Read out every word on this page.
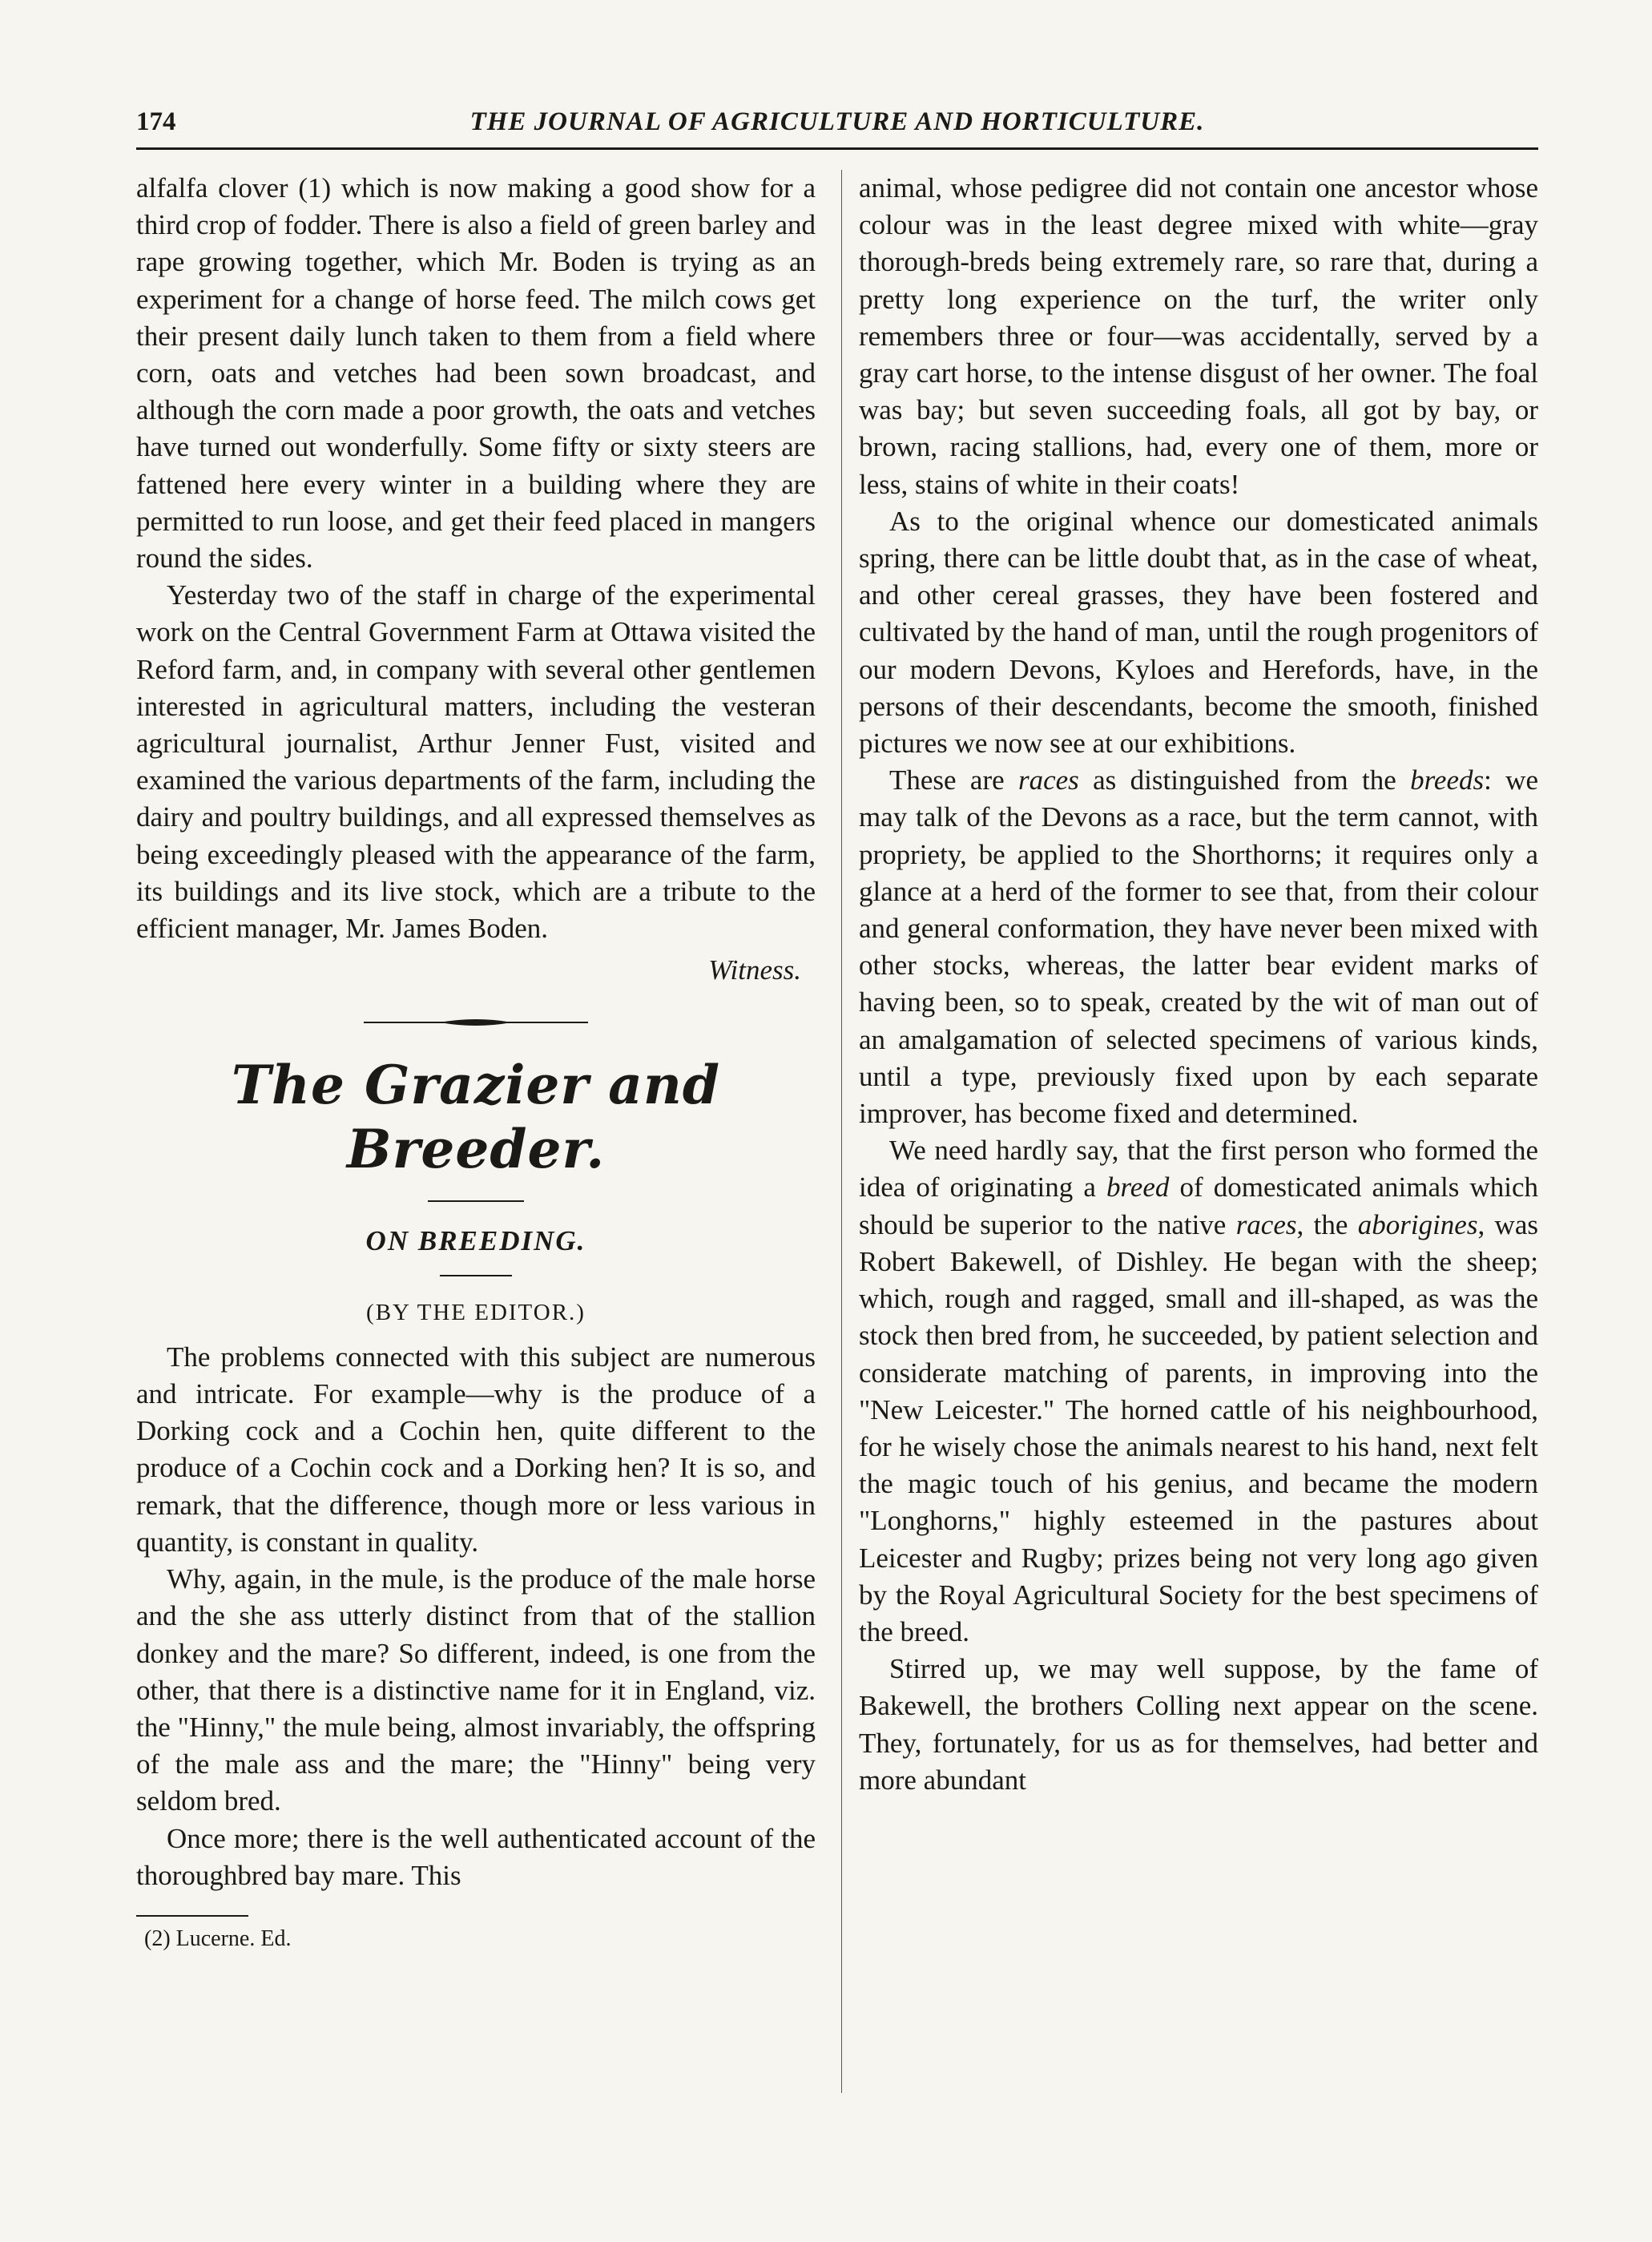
174	THE JOURNAL OF AGRICULTURE AND HORTICULTURE.

alfalfa clover (1) which is now making a good show for a third crop of fodder. There is also a field of green barley and rape growing together, which Mr. Boden is trying as an experiment for a change of horse feed. The milch cows get their present daily lunch taken to them from a field where corn, oats and vetches had been sown broadcast, and although the corn made a poor growth, the oats and vetches have turned out wonderfully. Some fifty or sixty steers are fattened here every winter in a building where they are permitted to run loose, and get their feed placed in mangers round the sides.

Yesterday two of the staff in charge of the experimental work on the Central Government Farm at Ottawa visited the Reford farm, and, in company with several other gentlemen interested in agricultural matters, including the vesteran agricultural journalist, Arthur Jenner Fust, visited and examined the various departments of the farm, including the dairy and poultry buildings, and all expressed themselves as being exceedingly pleased with the appearance of the farm, its buildings and its live stock, which are a tribute to the efficient manager, Mr. James Boden.

Witness.
The Grazier and Breeder.
ON BREEDING.
(BY THE EDITOR.)

The problems connected with this subject are numerous and intricate. For example—why is the produce of a Dorking cock and a Cochin hen, quite different to the produce of a Cochin cock and a Dorking hen? It is so, and remark, that the difference, though more or less various in quantity, is constant in quality.

Why, again, in the mule, is the produce of the male horse and the she ass utterly distinct from that of the stallion donkey and the mare? So different, indeed, is one from the other, that there is a distinctive name for it in England, viz. the "Hinny," the mule being, almost invariably, the offspring of the male ass and the mare; the "Hinny" being very seldom bred.

Once more; there is the well authenticated account of the thoroughbred bay mare. This

(2) Lucerne. Ed.

animal, whose pedigree did not contain one ancestor whose colour was in the least degree mixed with white—gray thorough-breds being extremely rare, so rare that, during a pretty long experience on the turf, the writer only remembers three or four—was accidentally, served by a gray cart horse, to the intense disgust of her owner. The foal was bay; but seven succeeding foals, all got by bay, or brown, racing stallions, had, every one of them, more or less, stains of white in their coats!

As to the original whence our domesticated animals spring, there can be little doubt that, as in the case of wheat, and other cereal grasses, they have been fostered and cultivated by the hand of man, until the rough progenitors of our modern Devons, Kyloes and Herefords, have, in the persons of their descendants, become the smooth, finished pictures we now see at our exhibitions.

These are races as distinguished from the breeds: we may talk of the Devons as a race, but the term cannot, with propriety, be applied to the Shorthorns; it requires only a glance at a herd of the former to see that, from their colour and general conformation, they have never been mixed with other stocks, whereas, the latter bear evident marks of having been, so to speak, created by the wit of man out of an amalgamation of selected specimens of various kinds, until a type, previously fixed upon by each separate improver, has become fixed and determined.

We need hardly say, that the first person who formed the idea of originating a breed of domesticated animals which should be superior to the native races, the aborigines, was Robert Bakewell, of Dishley. He began with the sheep; which, rough and ragged, small and ill-shaped, as was the stock then bred from, he succeeded, by patient selection and considerate matching of parents, in improving into the "New Leicester." The horned cattle of his neighbourhood, for he wisely chose the animals nearest to his hand, next felt the magic touch of his genius, and became the modern "Longhorns," highly esteemed in the pastures about Leicester and Rugby; prizes being not very long ago given by the Royal Agricultural Society for the best specimens of the breed.

Stirred up, we may well suppose, by the fame of Bakewell, the brothers Colling next appear on the scene. They, fortunately, for us as for themselves, had better and more abundant
